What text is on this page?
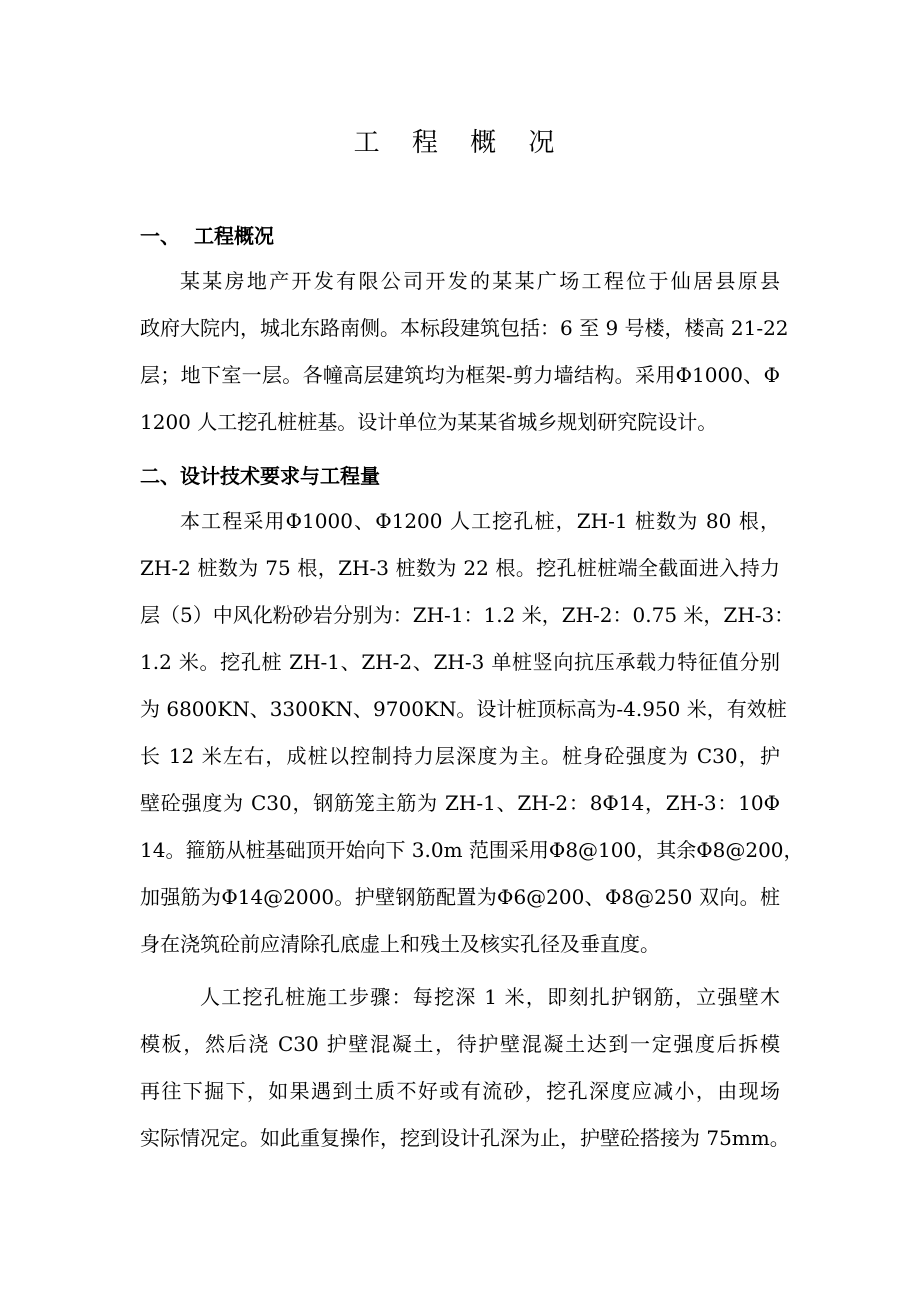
工 程 概 况
一、 工程概况
某某房地产开发有限公司开发的某某广场工程位于仙居县原县
政府大院内，城北东路南侧。本标段建筑包括：6 至 9 号楼，楼高 21-22
层；地下室一层。各幢高层建筑均为框架-剪力墙结构。采用Φ1000、Φ
1200 人工挖孔桩桩基。设计单位为某某省城乡规划研究院设计。
二、设计技术要求与工程量
本工程采用Φ1000、Φ1200 人工挖孔桩，ZH-1 桩数为 80 根，
ZH-2 桩数为 75 根，ZH-3 桩数为 22 根。挖孔桩桩端全截面进入持力
层（5）中风化粉砂岩分别为：ZH-1：1.2 米，ZH-2：0.75 米，ZH-3：
1.2 米。挖孔桩 ZH-1、ZH-2、ZH-3 单桩竖向抗压承载力特征值分别
为 6800KN、3300KN、9700KN。设计桩顶标高为-4.950 米，有效桩
长 12 米左右，成桩以控制持力层深度为主。桩身砼强度为 C30，护
壁砼强度为 C30，钢筋笼主筋为 ZH-1、ZH-2：8Φ14，ZH-3：10Φ
14。箍筋从桩基础顶开始向下 3.0m 范围采用Φ8@100，其余Φ8@200，
加强筋为Φ14@2000。护壁钢筋配置为Φ6@200、Φ8@250 双向。桩
身在浇筑砼前应清除孔底虚上和残土及核实孔径及垂直度。
人工挖孔桩施工步骤：每挖深 1 米，即刻扎护钢筋，立强壁木
模板，然后浇 C30 护壁混凝土，待护壁混凝土达到一定强度后拆模
再往下掘下，如果遇到土质不好或有流砂，挖孔深度应减小，由现场
实际情况定。如此重复操作，挖到设计孔深为止，护壁砼搭接为 75mm。
